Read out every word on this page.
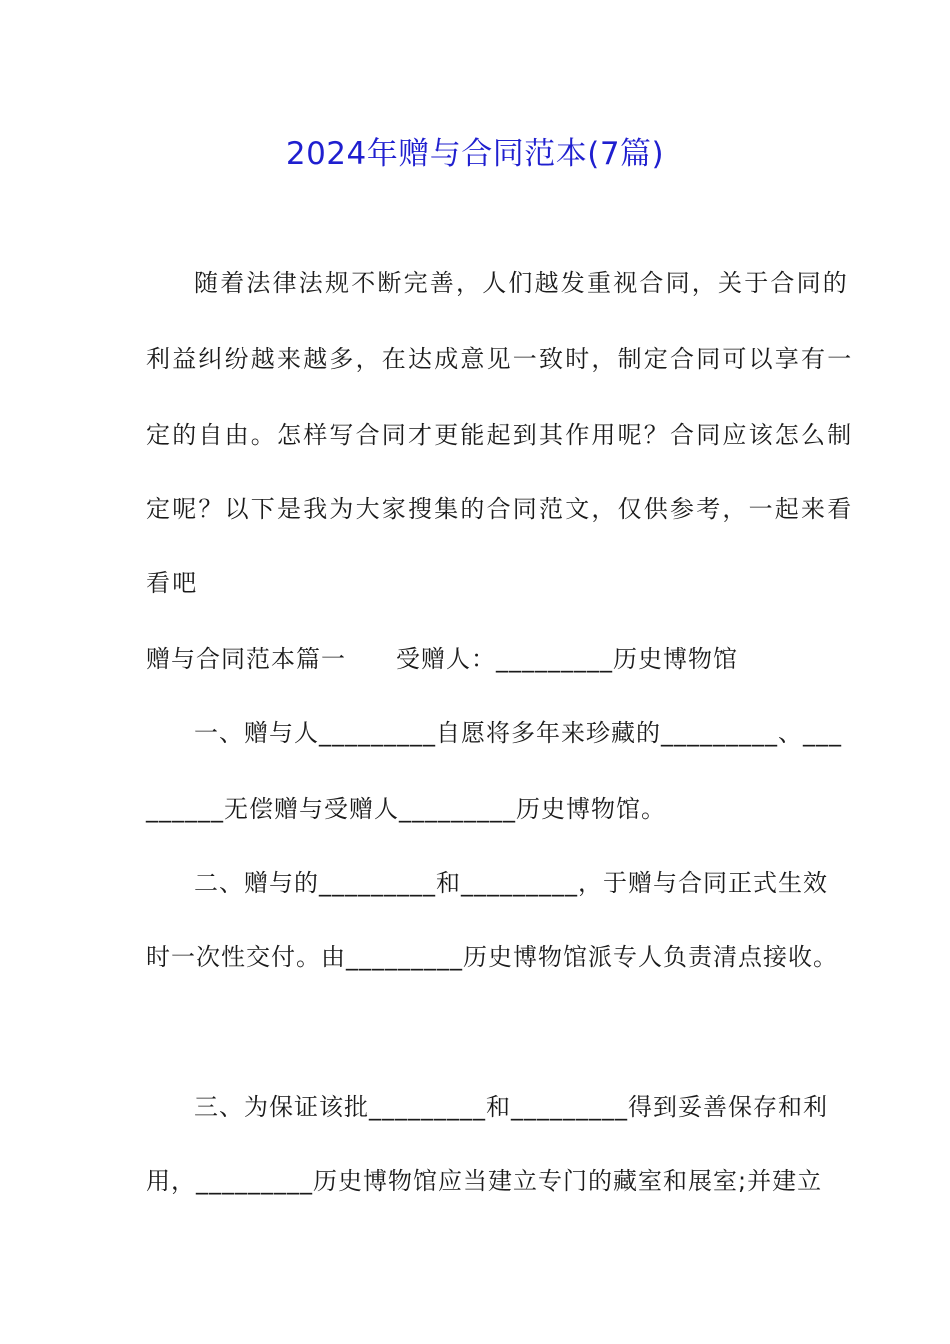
2024年赠与合同范本(7篇)
随着法律法规不断完善，人们越发重视合同，关于合同的
利益纠纷越来越多，在达成意见一致时，制定合同可以享有一
定的自由。怎样写合同才更能起到其作用呢？合同应该怎么制
定呢？以下是我为大家搜集的合同范文，仅供参考，一起来看
看吧
赠与合同范本篇一　　受赠人：_________历史博物馆
一、赠与人_________自愿将多年来珍藏的_________、___
______无偿赠与受赠人_________历史博物馆。
二、赠与的_________和_________，于赠与合同正式生效
时一次性交付。由_________历史博物馆派专人负责清点接收。
三、为保证该批_________和_________得到妥善保存和利
用，_________历史博物馆应当建立专门的藏室和展室;并建立
